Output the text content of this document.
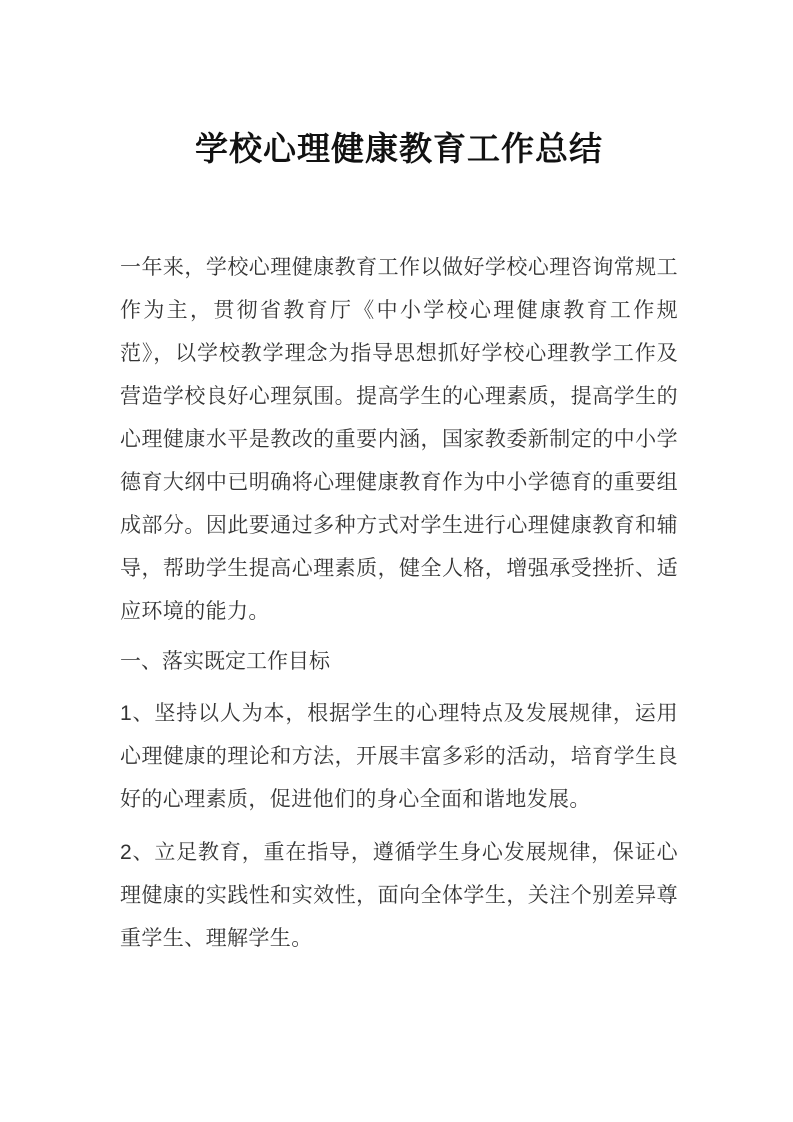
学校心理健康教育工作总结

一年来，学校心理健康教育工作以做好学校心理咨询常规工作为主，贯彻省教育厅《中小学校心理健康教育工作规范》，以学校教学理念为指导思想抓好学校心理教学工作及营造学校良好心理氛围。提高学生的心理素质，提高学生的心理健康水平是教改的重要内涵，国家教委新制定的中小学德育大纲中已明确将心理健康教育作为中小学德育的重要组成部分。因此要通过多种方式对学生进行心理健康教育和辅导，帮助学生提高心理素质，健全人格，增强承受挫折、适应环境的能力。

一、落实既定工作目标

1、坚持以人为本，根据学生的心理特点及发展规律，运用心理健康的理论和方法，开展丰富多彩的活动，培育学生良好的心理素质，促进他们的身心全面和谐地发展。

2、立足教育，重在指导，遵循学生身心发展规律，保证心理健康的实践性和实效性，面向全体学生，关注个别差异尊重学生、理解学生。
